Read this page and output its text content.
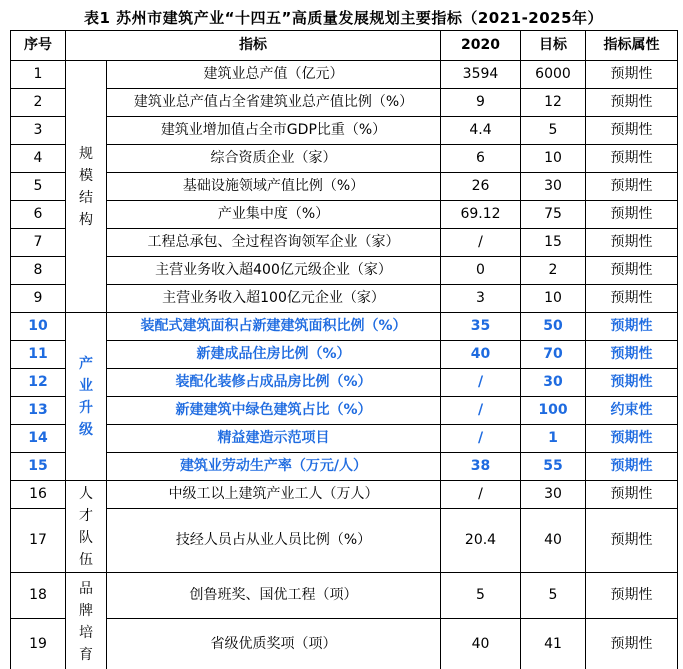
表1 苏州市建筑产业“十四五”高质量发展规划主要指标（2021-2025年）
序号	指标		2020	目标	指标属性
1	规模结构	建筑业总产值（亿元）	3594	6000	预期性
2		建筑业总产值占全省建筑业总产值比例（%）	9	12	预期性
3		建筑业增加值占全市GDP比重（%）	4.4	5	预期性
4		综合资质企业（家）	6	10	预期性
5		基础设施领域产值比例（%）	26	30	预期性
6		产业集中度（%）	69.12	75	预期性
7		工程总承包、全过程咨询领军企业（家）	/	15	预期性
8		主营业务收入超400亿元级企业（家）	0	2	预期性
9		主营业务收入超100亿元企业（家）	3	10	预期性
10	产业升级	装配式建筑面积占新建建筑面积比例（%）	35	50	预期性
11		新建成品住房比例（%）	40	70	预期性
12		装配化装修占成品房比例（%）	/	30	预期性
13		新建建筑中绿色建筑占比（%）	/	100	约束性
14		精益建造示范项目	/	1	预期性
15		建筑业劳动生产率（万元/人）	38	55	预期性
16	人才队伍	中级工以上建筑产业工人（万人）	/	30	预期性
17		技经人员占从业人员比例（%）	20.4	40	预期性
18	品牌培育	创鲁班奖、国优工程（项）	5	5	预期性
19		省级优质奖项（项）	40	41	预期性
